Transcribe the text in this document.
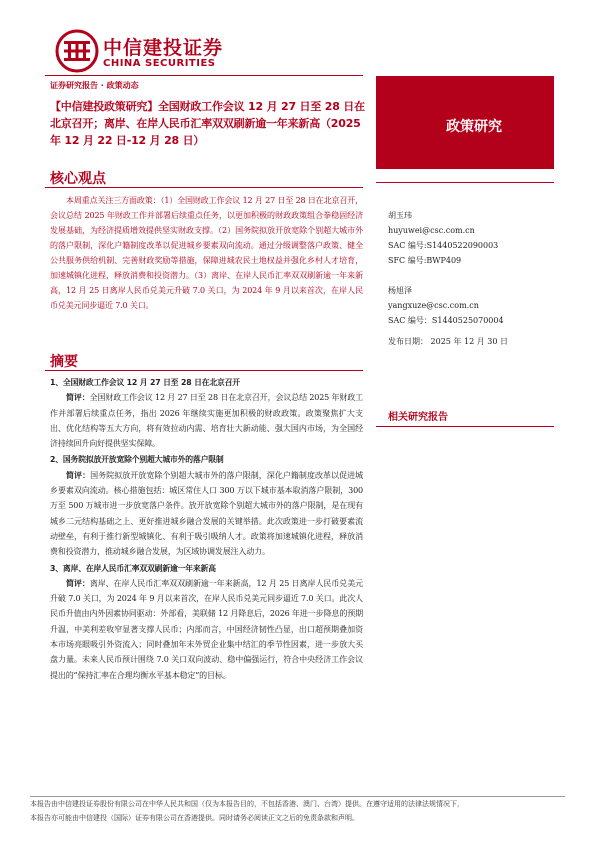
中信建投证券
CHINA SECURITIES
证券研究报告 · 政策动态
【中信建投政策研究】全国财政工作会议 12 月 27 日至 28 日在北京召开；离岸、在岸人民币汇率双双刷新逾一年来新高（2025 年 12 月 22 日-12 月 28 日）
政策研究
核心观点

本周重点关注三方面政策：（1）全国财政工作会议 12 月 27 日至 28 日在北京召开，会议总结 2025 年财政工作并部署后续重点任务，以更加积极的财政政策组合拳稳固经济发展基础，为经济提质增效提供坚实财政支撑。（2）国务院拟放开放宽除个别超大城市外的落户限制，深化户籍制度改革以促进城乡要素双向流动。通过分级调整落户政策、健全公共服务供给机制、完善财政奖励等措施，保障进城农民土地权益并强化乡村人才培育，加速城镇化进程，释放消费和投资潜力。（3）离岸、在岸人民币汇率双双刷新逾一年来新高，12 月 25 日离岸人民币兑美元升破 7.0 关口，为 2024 年 9 月以来首次，在岸人民币兑美元同步逼近 7.0 关口。

摘要
1、全国财政工作会议 12 月 27 日至 28 日在北京召开

简评：全国财政工作会议 12 月 27 日至 28 日在北京召开，会议总结 2025 年财政工作并部署后续重点任务，指出 2026 年继续实施更加积极的财政政策。政策聚焦扩大支出、优化结构等五大方向，将有效拉动内需、培育壮大新动能、强大国内市场，为全国经济持续回升向好提供坚实保障。

2、国务院拟放开放宽除个别超大城市外的落户限制

简评：国务院拟放开放宽除个别超大城市外的落户限制，深化户籍制度改革以促进城乡要素双向流动。核心措施包括：城区常住人口 300 万以下城市基本取消落户限制，300 万至 500 万城市进一步放宽落户条件。放开放宽除个别超大城市外的落户限制，是在现有城乡二元结构基础之上、更好推进城乡融合发展的关键举措。此次政策进一步打破要素流动壁垒，有利于推行新型城镇化、有利于吸引吸纳人才。政策将加速城镇化进程，释放消费和投资潜力，推动城乡融合发展，为区域协调发展注入动力。

3、离岸、在岸人民币汇率双双刷新逾一年来新高

简评：离岸、在岸人民币汇率双双刷新逾一年来新高，12 月 25 日离岸人民币兑美元升破 7.0 关口，为 2024 年 9 月以来首次，在岸人民币兑美元同步逼近 7.0 关口。此次人民币升值由内外因素协同驱动：外部看，美联储 12 月降息后，2026 年进一步降息的预期升温，中美利差收窄显著支撑人民币；内部而言，中国经济韧性凸显，出口超预期叠加资本市场亮眼吸引外资流入；同时叠加年末外贸企业集中结汇的季节性因素，进一步放大买盘力量。未来人民币预计围绕 7.0 关口双向波动、稳中偏强运行，符合中央经济工作会议提出的“保持汇率在合理均衡水平基本稳定”的目标。

胡玉玮
huyuwei@csc.com.cn
SAC 编号:S1440522090003
SFC 编号:BWP409
杨旭泽
yangxuze@csc.com.cn
SAC 编号：S1440525070004
发布日期： 2025 年 12 月 30 日
相关研究报告
本报告由中信建投证券股份有限公司在中华人民共和国（仅为本报告目的，不包括香港、澳门、台湾）提供。在遵守适用的法律法规情况下，
本报告亦可能由中信建投（国际）证券有限公司在香港提供。同时请务必阅读正文之后的免责条款和声明。
